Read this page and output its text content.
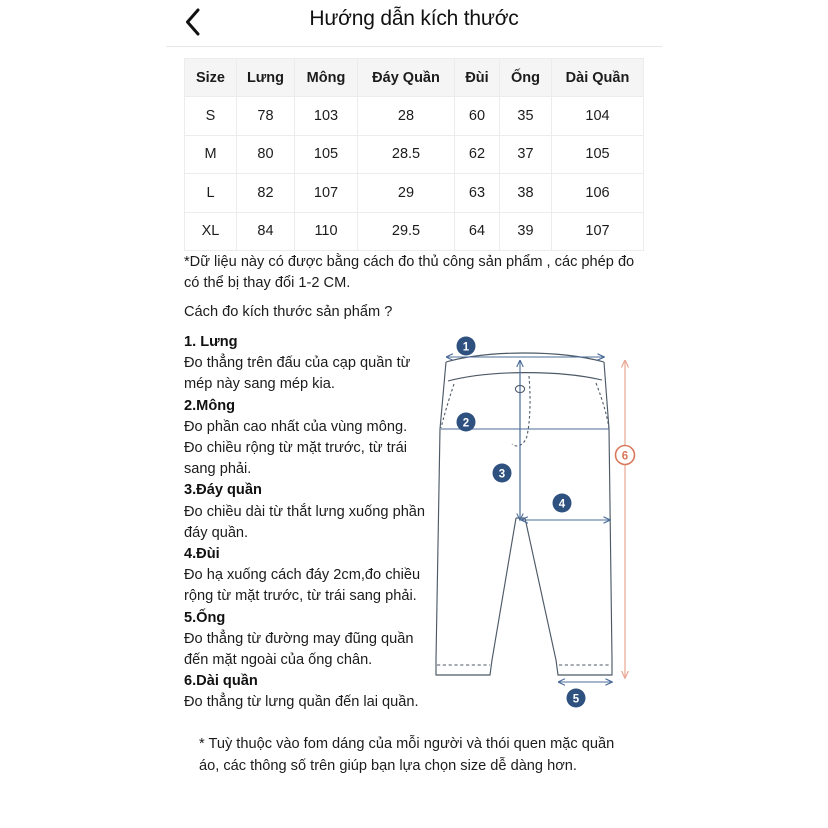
Hướng dẫn kích thước
Size	Lưng	Mông	Đáy Quần	Đùi	Ống	Dài Quần
S	78	103	28	60	35	104
M	80	105	28.5	62	37	105
L	82	107	29	63	38	106
XL	84	110	29.5	64	39	107
*Dữ liệu này có được bằng cách đo thủ công sản phẩm , các phép đo có thể bị thay đổi 1-2 CM.
Cách đo kích thước sản phẩm ?
1. Lưng
Đo thẳng trên đấu của cạp quần từ mép này sang mép kia.
2.Mông
Đo phần cao nhất của vùng mông. Đo chiều rộng từ mặt trước, từ trái sang phải.
3.Đáy quần
Đo chiều dài từ thắt lưng xuống phần đáy quần.
4.Đùi
Đo hạ xuống cách đáy 2cm,đo chiều rộng từ mặt trước, từ trái sang phải.
5.Ống
Đo thẳng từ đường may đũng quần đến mặt ngoài của ống chân.
6.Dài quần
Đo thẳng từ lưng quần đến lai quần.
1
2
3
4
5
6
* Tuỳ thuộc vào fom dáng của mỗi người và thói quen mặc quần áo, các thông số trên giúp bạn lựa chọn size dễ dàng hơn.
